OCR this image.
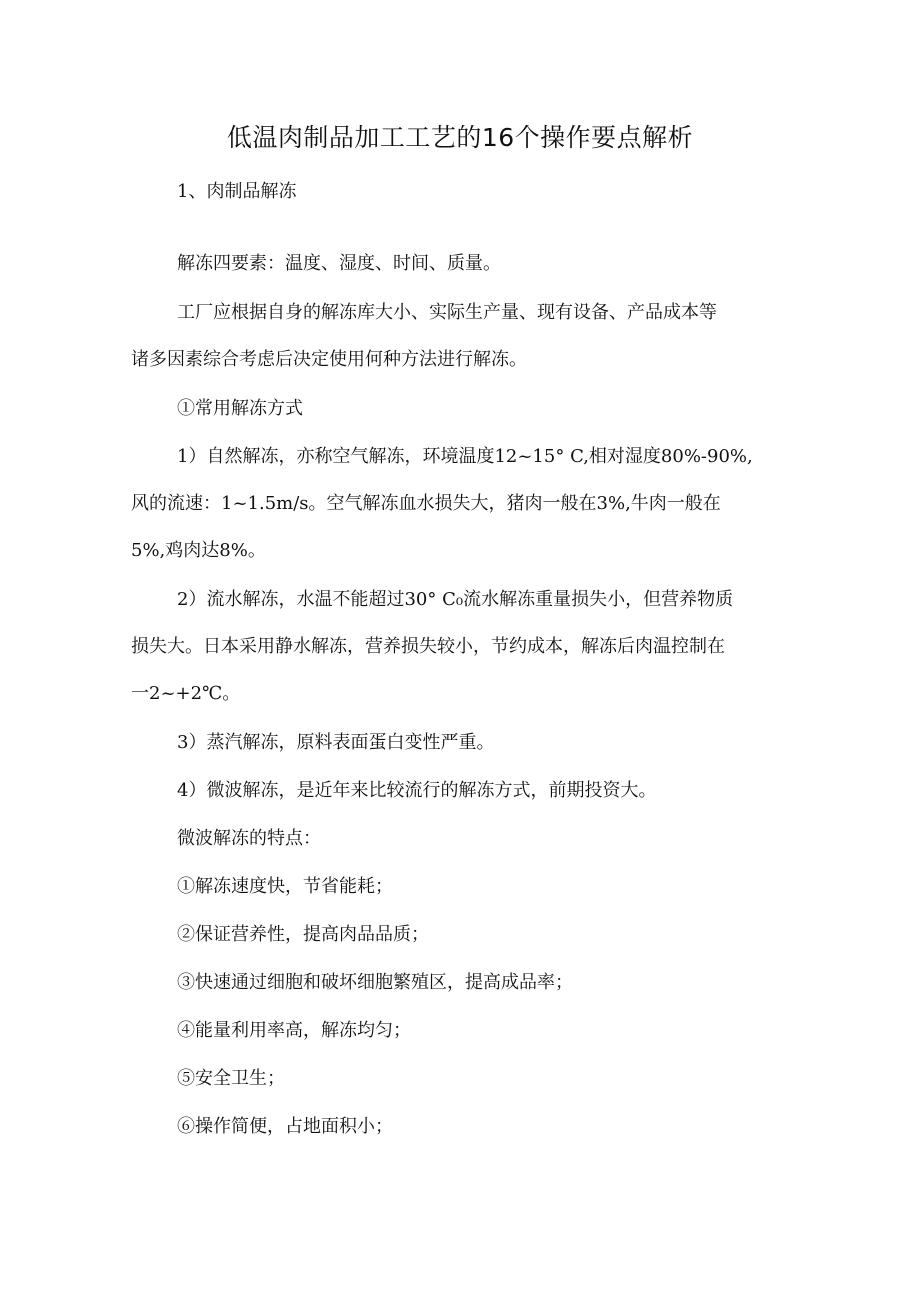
低温肉制品加工工艺的16个操作要点解析
1、肉制品解冻
解冻四要素：温度、湿度、时间、质量。
工厂应根据自身的解冻库大小、实际生产量、现有设备、产品成本等
诸多因素综合考虑后决定使用何种方法进行解冻。
①常用解冻方式
1）自然解冻，亦称空气解冻，环境温度12~15° C,相对湿度80%-90%,
风的流速：1~1.5m/s。空气解冻血水损失大，猪肉一般在3%,牛肉一般在
5%,鸡肉达8%。
2）流水解冻，水温不能超过30° C₀流水解冻重量损失小，但营养物质
损失大。日本采用静水解冻，营养损失较小，节约成本，解冻后肉温控制在
一2~+2℃。
3）蒸汽解冻，原料表面蛋白变性严重。
4）微波解冻，是近年来比较流行的解冻方式，前期投资大。
微波解冻的特点：
①解冻速度快，节省能耗；
②保证营养性，提高肉品品质；
③快速通过细胞和破坏细胞繁殖区，提高成品率；
④能量利用率高，解冻均匀；
⑤安全卫生；
⑥操作简便，占地面积小；
